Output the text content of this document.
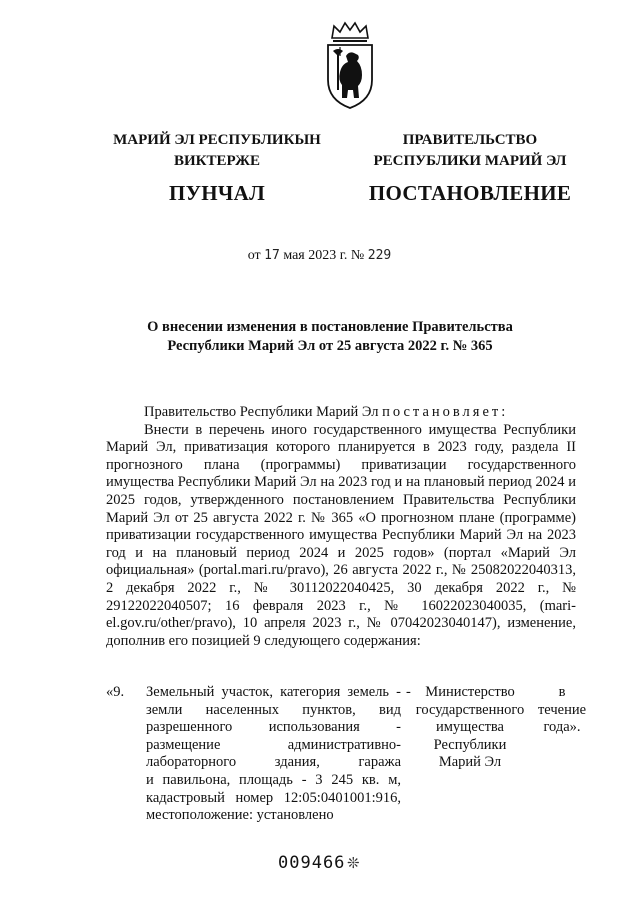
МАРИЙ ЭЛ РЕСПУБЛИКЫН
ВИКТЕРЖЕ
ПУНЧАЛ
ПРАВИТЕЛЬСТВО
РЕСПУБЛИКИ МАРИЙ ЭЛ
ПОСТАНОВЛЕНИЕ
от 17 мая 2023 г. № 229
О внесении изменения в постановление Правительства
Республики Марий Эл от 25 августа 2022 г. № 365

Правительство Республики Марий Эл постановляет:

Внести в перечень иного государственного имущества Республики Марий Эл, приватизация которого планируется в 2023 году, раздела II прогнозного плана (программы) приватизации государственного имущества Республики Марий Эл на 2023 год и на плановый период 2024 и 2025 годов, утвержденного постановлением Правительства Республики Марий Эл от 25 августа 2022 г. № 365 «О прогнозном плане (программе) приватизации государственного имущества Республики Марий Эл на 2023 год и на плановый период 2024 и 2025 годов» (портал «Марий Эл официальная» (portal.mari.ru/pravo), 26 августа 2022 г., № 25082022040313, 2 декабря 2022 г., № 30112022040425, 30 декабря 2022 г., № 29122022040507; 16 февраля 2023 г., № 16022023040035, (mari-el.gov.ru/other/pravo), 10 апреля 2023 г., № 07042023040147), изменение, дополнив его позицией 9 следующего содержания:

«9. Земельный участок, категория земель -
земли населенных пунктов, вид
разрешенного использования -
размещение административно-
лабораторного здания, гаража
и павильона, площадь - 3 245 кв. м,
кадастровый номер 12:05:0401001:916,
местоположение: установлено
- Министерство
государственного
имущества
Республики
Марий Эл
в
течение
года».
009466 ❊
